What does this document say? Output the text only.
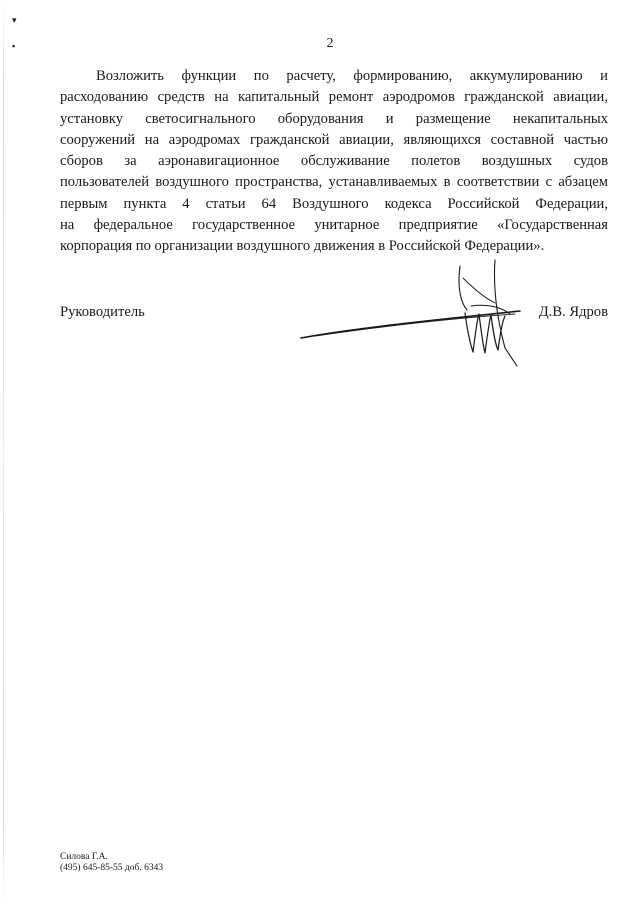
▾
▪	2
Возложить функции по расчету, формированию, аккумулированию и
расходованию средств на капитальный ремонт аэродромов гражданской авиации,
установку светосигнального оборудования и размещение некапитальных
сооружений на аэродромах гражданской авиации, являющихся составной частью
сборов за аэронавигационное обслуживание полетов воздушных судов
пользователей воздушного пространства, устанавливаемых в соответствии с абзацем
первым пункта 4 статьи 64 Воздушного кодекса Российской Федерации,
на федеральное государственное унитарное предприятие «Государственная
корпорация по организации воздушного движения в Российской Федерации».
Руководитель	Д.В. Ядров
Силова Г.А.
(495) 645-85-55 доб. 6343
